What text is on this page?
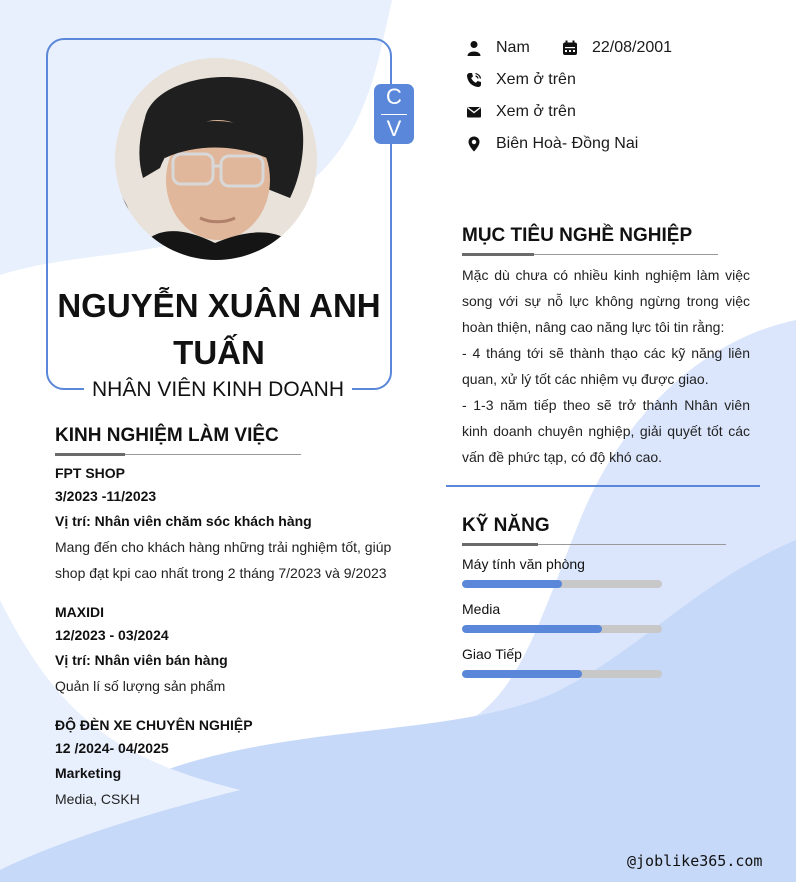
C
V
NGUYỄN XUÂN ANH
TUẤN
NHÂN VIÊN KINH DOANH
Nam	22/08/2001
Xem ở trên
Xem ở trên
Biên Hoà- Đồng Nai
MỤC TIÊU NGHỀ NGHIỆP
Mặc dù chưa có nhiều kinh nghiệm làm việc song với sự nỗ lực không ngừng trong việc hoàn thiện, nâng cao năng lực tôi tin rằng:
- 4 tháng tới sẽ thành thạo các kỹ năng liên quan, xử lý tốt các nhiệm vụ được giao.
- 1-3 năm tiếp theo sẽ trở thành Nhân viên kinh doanh chuyên nghiệp, giải quyết tốt các vấn đề phức tạp, có độ khó cao.
KỸ NĂNG
Máy tính văn phòng
Media
Giao Tiếp
KINH NGHIỆM LÀM VIỆC
FPT SHOP
3/2023 -11/2023
Vị trí: Nhân viên chăm sóc khách hàng
Mang đến cho khách hàng những trải nghiệm tốt, giúp shop đạt kpi cao nhất trong 2 tháng 7/2023 và 9/2023
MAXIDI
12/2023 - 03/2024
Vị trí: Nhân viên bán hàng
Quản lí số lượng sản phẩm
ĐỘ ĐÈN XE CHUYÊN NGHIỆP
12 /2024- 04/2025
Marketing
Media, CSKH
@joblike365.com
